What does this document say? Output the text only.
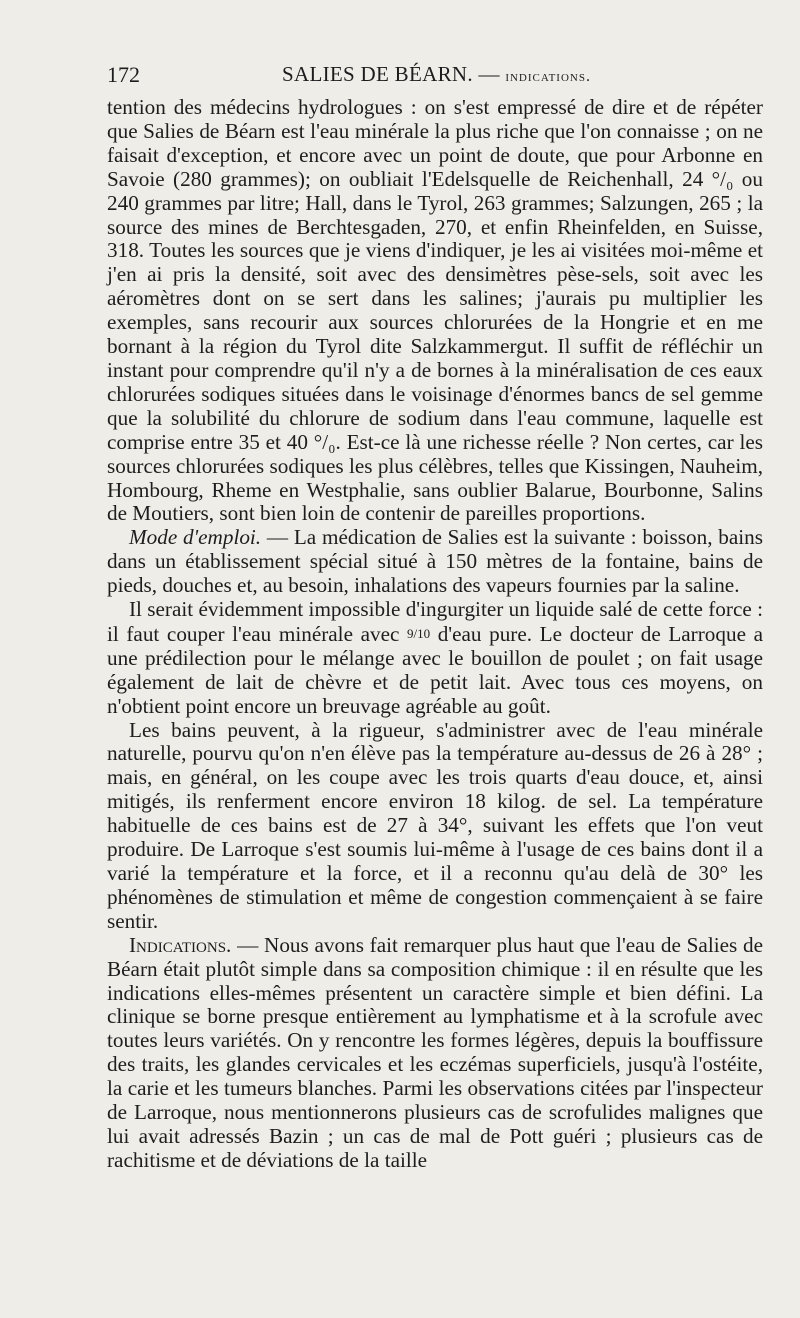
172	SALIES DE BÉARN. — indications.

tention des médecins hydrologues : on s'est empressé de dire et de répéter que Salies de Béarn est l'eau minérale la plus riche que l'on connaisse ; on ne faisait d'exception, et encore avec un point de doute, que pour Arbonne en Savoie (280 grammes); on oubliait l'Edelsquelle de Reichenhall, 24 °/₀ ou 240 grammes par litre; Hall, dans le Tyrol, 263 grammes; Salzungen, 265 ; la source des mines de Berchtesgaden, 270, et enfin Rheinfelden, en Suisse, 318. Toutes les sources que je viens d'indiquer, je les ai visitées moi-même et j'en ai pris la densité, soit avec des densimètres pèse-sels, soit avec les aéromètres dont on se sert dans les salines; j'aurais pu multiplier les exemples, sans recourir aux sources chlorurées de la Hongrie et en me bornant à la région du Tyrol dite Salzkammergut. Il suffit de réfléchir un instant pour comprendre qu'il n'y a de bornes à la minéralisation de ces eaux chlorurées sodiques situées dans le voisinage d'énormes bancs de sel gemme que la solubilité du chlorure de sodium dans l'eau commune, laquelle est comprise entre 35 et 40 °/₀. Est-ce là une richesse réelle ? Non certes, car les sources chlorurées sodiques les plus célèbres, telles que Kissingen, Nauheim, Hombourg, Rheme en Westphalie, sans oublier Balarue, Bourbonne, Salins de Moutiers, sont bien loin de contenir de pareilles proportions.

Mode d'emploi. — La médication de Salies est la suivante : boisson, bains dans un établissement spécial situé à 150 mètres de la fontaine, bains de pieds, douches et, au besoin, inhalations des vapeurs fournies par la saline.

Il serait évidemment impossible d'ingurgiter un liquide salé de cette force : il faut couper l'eau minérale avec 9/10 d'eau pure. Le docteur de Larroque a une prédilection pour le mélange avec le bouillon de poulet ; on fait usage également de lait de chèvre et de petit lait. Avec tous ces moyens, on n'obtient point encore un breuvage agréable au goût.

Les bains peuvent, à la rigueur, s'administrer avec de l'eau minérale naturelle, pourvu qu'on n'en élève pas la température au-dessus de 26 à 28° ; mais, en général, on les coupe avec les trois quarts d'eau douce, et, ainsi mitigés, ils renferment encore environ 18 kilog. de sel. La température habituelle de ces bains est de 27 à 34°, suivant les effets que l'on veut produire. De Larroque s'est soumis lui-même à l'usage de ces bains dont il a varié la température et la force, et il a reconnu qu'au delà de 30° les phénomènes de stimulation et même de congestion commençaient à se faire sentir.

Indications. — Nous avons fait remarquer plus haut que l'eau de Salies de Béarn était plutôt simple dans sa composition chimique : il en résulte que les indications elles-mêmes présentent un caractère simple et bien défini. La clinique se borne presque entièrement au lymphatisme et à la scrofule avec toutes leurs variétés. On y rencontre les formes légères, depuis la bouffissure des traits, les glandes cervicales et les eczémas superficiels, jusqu'à l'ostéite, la carie et les tumeurs blanches. Parmi les observations citées par l'inspecteur de Larroque, nous mentionnerons plusieurs cas de scrofulides malignes que lui avait adressés Bazin ; un cas de mal de Pott guéri ; plusieurs cas de rachitisme et de déviations de la taille
